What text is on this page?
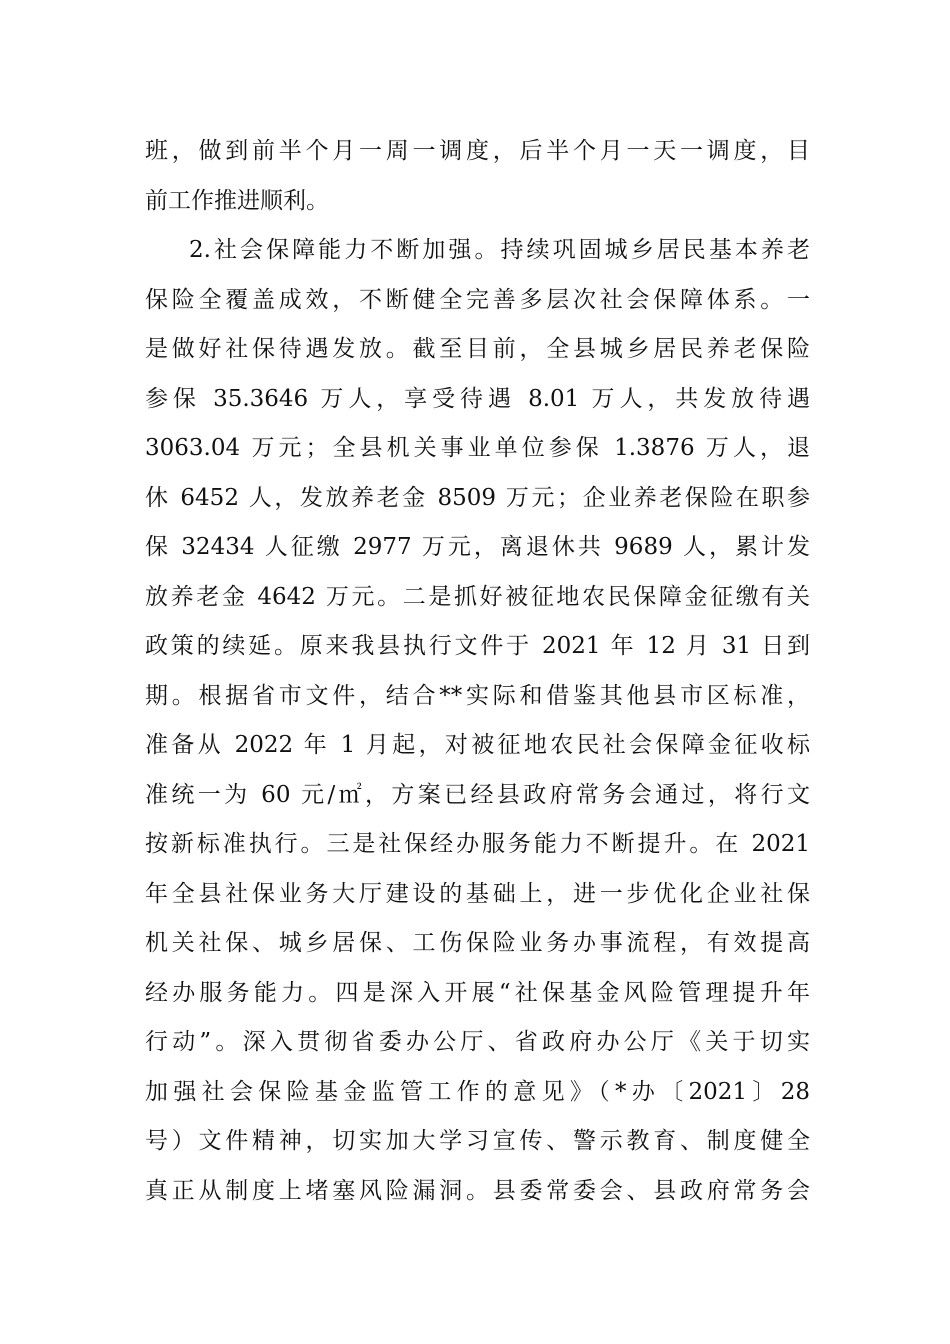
班，做到前半个月一周一调度，后半个月一天一调度，目
前工作推进顺利。
2.社会保障能力不断加强。持续巩固城乡居民基本养老
保险全覆盖成效，不断健全完善多层次社会保障体系。一
是做好社保待遇发放。截至目前，全县城乡居民养老保险
参保 35.3646 万人，享受待遇 8.01 万人，共发放待遇
3063.04 万元；全县机关事业单位参保 1.3876 万人，退
休 6452 人，发放养老金 8509 万元；企业养老保险在职参
保 32434 人征缴 2977 万元，离退休共 9689 人，累计发
放养老金 4642 万元。二是抓好被征地农民保障金征缴有关
政策的续延。原来我县执行文件于 2021 年 12 月 31 日到
期。根据省市文件，结合**实际和借鉴其他县市区标准，
准备从 2022 年 1 月起，对被征地农民社会保障金征收标
准统一为 60 元/㎡，方案已经县政府常务会通过，将行文
按新标准执行。三是社保经办服务能力不断提升。在 2021
年全县社保业务大厅建设的基础上，进一步优化企业社保
机关社保、城乡居保、工伤保险业务办事流程，有效提高
经办服务能力。四是深入开展“社保基金风险管理提升年
行动”。深入贯彻省委办公厅、省政府办公厅《关于切实
加强社会保险基金监管工作的意见》（*办〔2021〕28
号）文件精神，切实加大学习宣传、警示教育、制度健全
真正从制度上堵塞风险漏洞。县委常委会、县政府常务会
